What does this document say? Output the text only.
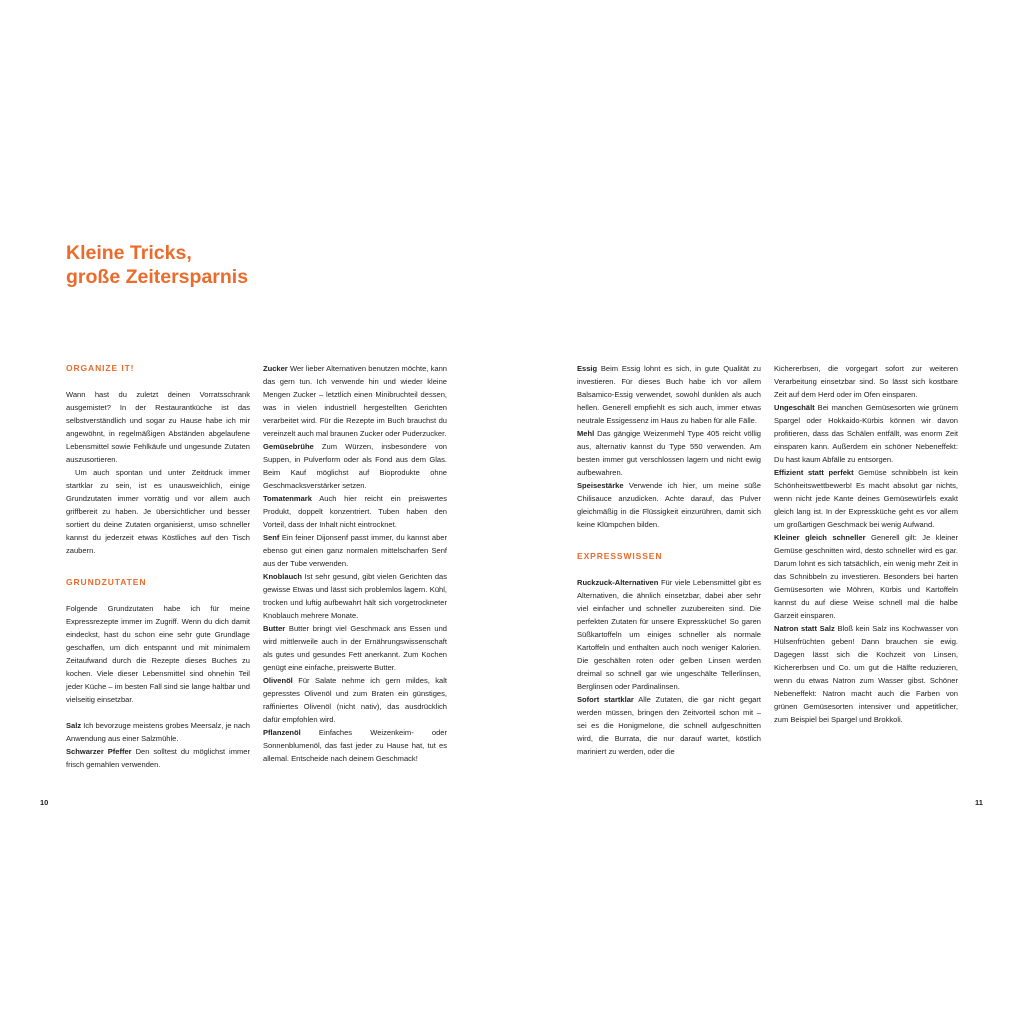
Kleine Tricks,
große Zeitersparnis
ORGANIZE IT!

Wann hast du zuletzt deinen Vorratsschrank ausgemistet? In der Restaurantküche ist das selbstverständlich und sogar zu Hause habe ich mir angewöhnt, in regelmäßigen Abständen abgelaufene Lebensmittel sowie Fehlkäufe und ungesunde Zutaten auszusortieren.

Um auch spontan und unter Zeitdruck immer startklar zu sein, ist es unausweichlich, einige Grundzutaten immer vorrätig und vor allem auch griffbereit zu haben. Je übersichtlicher und besser sortiert du deine Zutaten organisierst, umso schneller kannst du jederzeit etwas Köstliches auf den Tisch zaubern.

GRUNDZUTATEN

Folgende Grundzutaten habe ich für meine Expressrezepte immer im Zugriff. Wenn du dich damit eindeckst, hast du schon eine sehr gute Grundlage geschaffen, um dich entspannt und mit minimalem Zeitaufwand durch die Rezepte dieses Buches zu kochen. Viele dieser Lebensmittel sind ohnehin Teil jeder Küche – im besten Fall sind sie lange haltbar und vielseitig einsetzbar.

Salz Ich bevorzuge meistens grobes Meersalz, je nach Anwendung aus einer Salzmühle.

Schwarzer Pfeffer Den solltest du möglichst immer frisch gemahlen verwenden.

Zucker Wer lieber Alternativen benutzen möchte, kann das gern tun. Ich verwende hin und wieder kleine Mengen Zucker – letztlich einen Minibruchteil dessen, was in vielen industriell hergestellten Gerichten verarbeitet wird. Für die Rezepte im Buch brauchst du vereinzelt auch mal braunen Zucker oder Puderzucker.

Gemüsebrühe Zum Würzen, insbesondere von Suppen, in Pulverform oder als Fond aus dem Glas. Beim Kauf möglichst auf Bioprodukte ohne Geschmacksverstärker setzen.

Tomatenmark Auch hier reicht ein preiswertes Produkt, doppelt konzentriert. Tuben haben den Vorteil, dass der Inhalt nicht eintrocknet.

Senf Ein feiner Dijonsenf passt immer, du kannst aber ebenso gut einen ganz normalen mittelscharfen Senf aus der Tube verwenden.

Knoblauch Ist sehr gesund, gibt vielen Gerichten das gewisse Etwas und lässt sich problemlos lagern. Kühl, trocken und luftig aufbewahrt hält sich vorgetrockneter Knoblauch mehrere Monate.

Butter Butter bringt viel Geschmack ans Essen und wird mittlerweile auch in der Ernährungswissenschaft als gutes und gesundes Fett anerkannt. Zum Kochen genügt eine einfache, preiswerte Butter.

Olivenöl Für Salate nehme ich gern mildes, kalt gepresstes Olivenöl und zum Braten ein günstiges, raffiniertes Olivenöl (nicht nativ), das ausdrücklich dafür empfohlen wird.

Pflanzenöl Einfaches Weizenkeim- oder Sonnenblumenöl, das fast jeder zu Hause hat, tut es allemal. Entscheide nach deinem Geschmack!

Essig Beim Essig lohnt es sich, in gute Qualität zu investieren. Für dieses Buch habe ich vor allem Balsamico-Essig verwendet, sowohl dunklen als auch hellen. Generell empfiehlt es sich auch, immer etwas neutrale Essigessenz im Haus zu haben für alle Fälle.

Mehl Das gängige Weizenmehl Type 405 reicht völlig aus, alternativ kannst du Type 550 verwenden. Am besten immer gut verschlossen lagern und nicht ewig aufbewahren.

Speisestärke Verwende ich hier, um meine süße Chilisauce anzudicken. Achte darauf, das Pulver gleichmäßig in die Flüssigkeit einzurühren, damit sich keine Klümpchen bilden.

EXPRESSWISSEN

Ruckzuck-Alternativen Für viele Lebensmittel gibt es Alternativen, die ähnlich einsetzbar, dabei aber sehr viel einfacher und schneller zuzubereiten sind. Die perfekten Zutaten für unsere Expressküche! So garen Süßkartoffeln um einiges schneller als normale Kartoffeln und enthalten auch noch weniger Kalorien. Die geschälten roten oder gelben Linsen werden dreimal so schnell gar wie ungeschälte Tellerlinsen, Berglinsen oder Pardinalinsen.

Sofort startklar Alle Zutaten, die gar nicht gegart werden müssen, bringen den Zeitvorteil schon mit – sei es die Honigmelone, die schnell aufgeschnitten wird, die Burrata, die nur darauf wartet, köstlich mariniert zu werden, oder die

Kichererbsen, die vorgegart sofort zur weiteren Verarbeitung einsetzbar sind. So lässt sich kostbare Zeit auf dem Herd oder im Ofen einsparen.

Ungeschält Bei manchen Gemüsesorten wie grünem Spargel oder Hokkaido-Kürbis können wir davon profitieren, dass das Schälen entfällt, was enorm Zeit einsparen kann. Außerdem ein schöner Nebeneffekt: Du hast kaum Abfälle zu entsorgen.

Effizient statt perfekt Gemüse schnibbeln ist kein Schönheitswettbewerb! Es macht absolut gar nichts, wenn nicht jede Kante deines Gemüsewürfels exakt gleich lang ist. In der Expressküche geht es vor allem um großartigen Geschmack bei wenig Aufwand.

Kleiner gleich schneller Generell gilt: Je kleiner Gemüse geschnitten wird, desto schneller wird es gar. Darum lohnt es sich tatsächlich, ein wenig mehr Zeit in das Schnibbeln zu investieren. Besonders bei harten Gemüsesorten wie Möhren, Kürbis und Kartoffeln kannst du auf diese Weise schnell mal die halbe Garzeit einsparen.

Natron statt Salz Bloß kein Salz ins Kochwasser von Hülsenfrüchten geben! Dann brauchen sie ewig. Dagegen lässt sich die Kochzeit von Linsen, Kichererbsen und Co. um gut die Hälfte reduzieren, wenn du etwas Natron zum Wasser gibst. Schöner Nebeneffekt: Natron macht auch die Farben von grünen Gemüsesorten intensiver und appetitlicher, zum Beispiel bei Spargel und Brokkoli.

10	11
